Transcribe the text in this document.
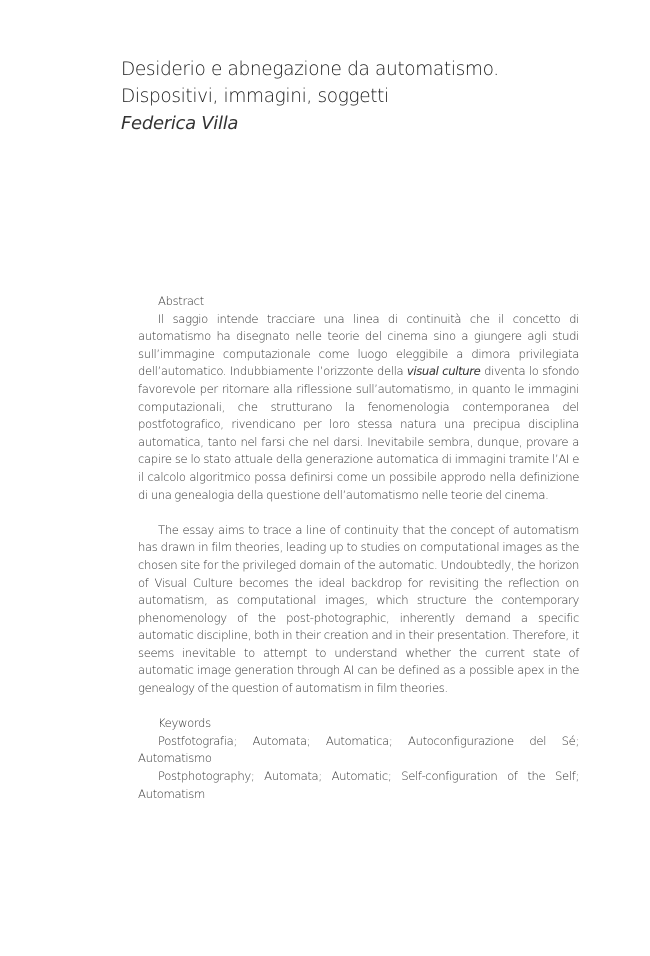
Desiderio e abnegazione da automatismo.
Dispositivi, immagini, soggetti
Federica Villa
Abstract

Il saggio intende tracciare una linea di continuità che il concetto di automatismo ha disegnato nelle teorie del cinema sino a giungere agli studi sull’immagine computazionale come luogo eleggibile a dimora privilegiata dell’automatico. Indubbiamente l’orizzonte della visual culture diventa lo sfondo favorevole per ritornare alla riflessione sull’automatismo, in quanto le immagini computazionali, che strutturano la fenomenologia contemporanea del postfotografico, rivendicano per loro stessa natura una precipua disciplina automatica, tanto nel farsi che nel darsi. Inevitabile sembra, dunque, provare a capire se lo stato attuale della generazione automatica di immagini tramite l’AI e il calcolo algoritmico possa definirsi come un possibile approdo nella definizione di una genealogia della questione dell’automatismo nelle teorie del cinema.

The essay aims to trace a line of continuity that the concept of automatism has drawn in film theories, leading up to studies on computational images as the chosen site for the privileged domain of the automatic. Undoubtedly, the horizon of Visual Culture becomes the ideal backdrop for revisiting the reflection on automatism, as computational images, which structure the contemporary phenomenology of the post-photographic, inherently demand a specific automatic discipline, both in their creation and in their presentation. Therefore, it seems inevitable to attempt to understand whether the current state of automatic image generation through AI can be defined as a possible apex in the genealogy of the question of automatism in film theories.

Keywords

Postfotografia; Automata; Automatica; Autoconfigurazione del Sé; Automatismo

Postphotography; Automata; Automatic; Self-configuration of the Self; Automatism
